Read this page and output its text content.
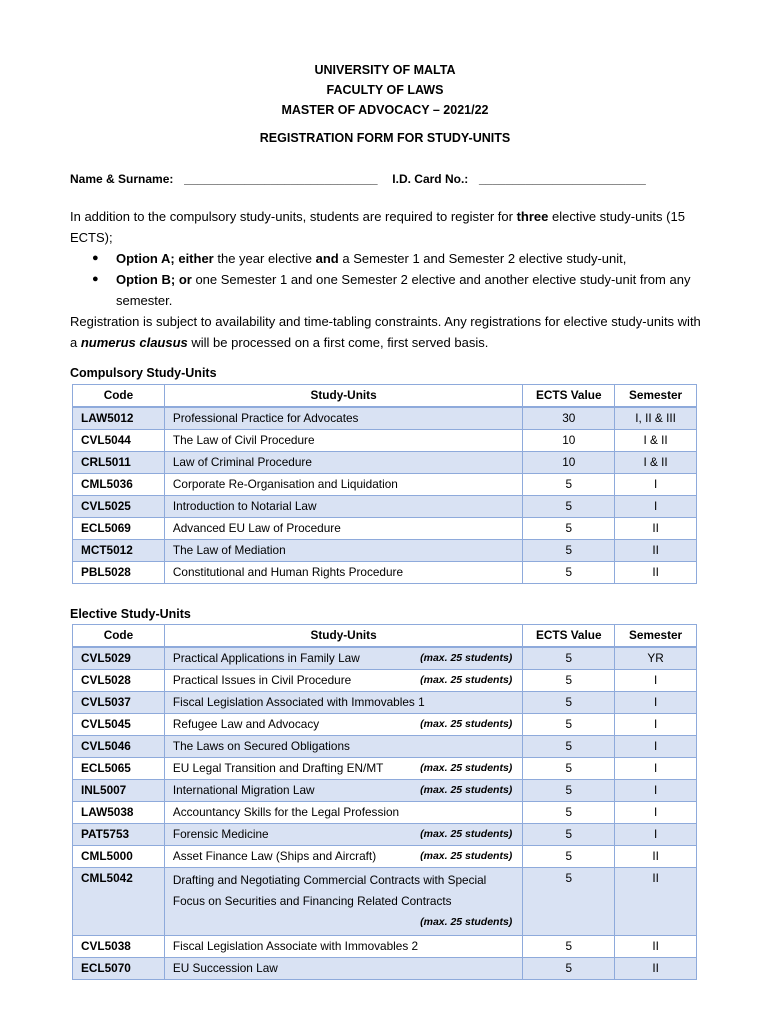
UNIVERSITY OF MALTA
FACULTY OF LAWS
MASTER OF ADVOCACY – 2021/22
REGISTRATION FORM FOR STUDY-UNITS
Name & Surname: _____________________________ I.D. Card No.: _________________________

In addition to the compulsory study-units, students are required to register for three elective study-units (15 ECTS);

● Option A; either the year elective and a Semester 1 and Semester 2 elective study-unit,
● Option B; or one Semester 1 and one Semester 2 elective and another elective study-unit from any semester.

Registration is subject to availability and time-tabling constraints. Any registrations for elective study-units with a numerus clausus will be processed on a first come, first served basis.

Compulsory Study-Units
Code	Study-Units	ECTS Value	Semester
LAW5012	Professional Practice for Advocates	30	I, II & III
CVL5044	The Law of Civil Procedure	10	I & II
CRL5011	Law of Criminal Procedure	10	I & II
CML5036	Corporate Re-Organisation and Liquidation	5	I
CVL5025	Introduction to Notarial Law	5	I
ECL5069	Advanced EU Law of Procedure	5	II
MCT5012	The Law of Mediation	5	II
PBL5028	Constitutional and Human Rights Procedure	5	II
Elective Study-Units
Code	Study-Units	ECTS Value	Semester
CVL5029	Practical Applications in Family Law (max. 25 students)	5	YR
CVL5028	Practical Issues in Civil Procedure (max. 25 students)	5	I
CVL5037	Fiscal Legislation Associated with Immovables 1	5	I
CVL5045	Refugee Law and Advocacy (max. 25 students)	5	I
CVL5046	The Laws on Secured Obligations	5	I
ECL5065	EU Legal Transition and Drafting EN/MT (max. 25 students)	5	I
INL5007	International Migration Law (max. 25 students)	5	I
LAW5038	Accountancy Skills for the Legal Profession	5	I
PAT5753	Forensic Medicine (max. 25 students)	5	I
CML5000	Asset Finance Law (Ships and Aircraft) (max. 25 students)	5	II
CML5042	Drafting and Negotiating Commercial Contracts with Special Focus on Securities and Financing Related Contracts
(max. 25 students)	5	II
CVL5038	Fiscal Legislation Associate with Immovables 2	5	II
ECL5070	EU Succession Law	5	II
